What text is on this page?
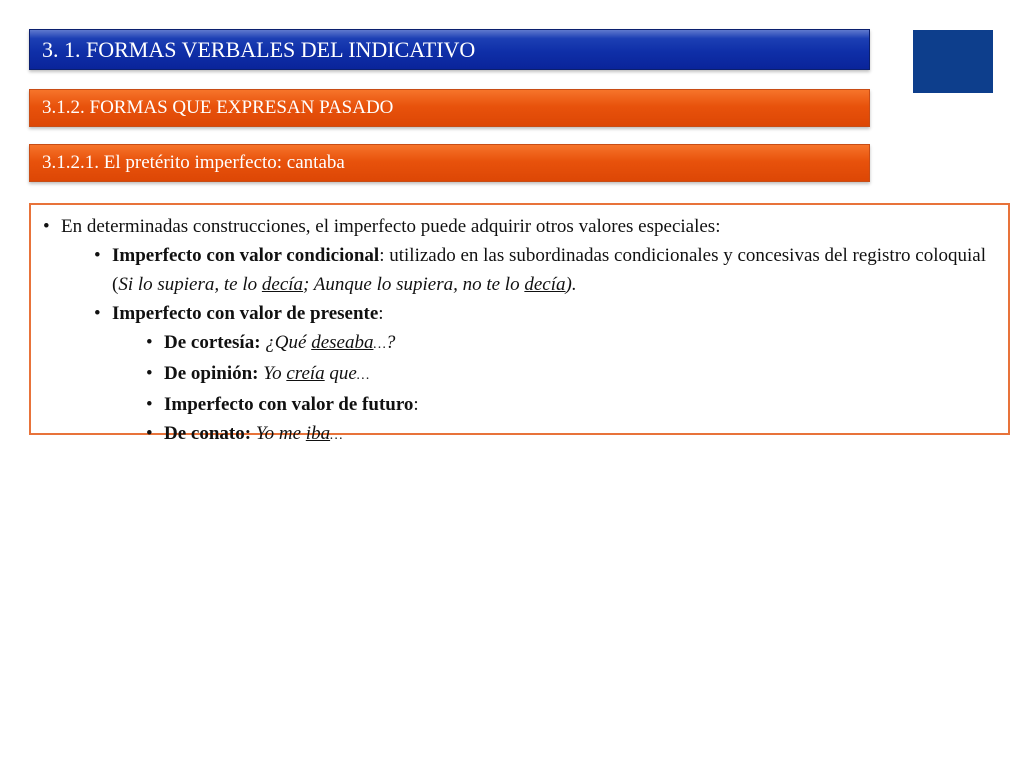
3. 1. FORMAS VERBALES DEL INDICATIVO
3.1.2. FORMAS QUE EXPRESAN PASADO
3.1.2.1. El pretérito imperfecto: cantaba
• En determinadas construcciones, el imperfecto puede adquirir otros valores especiales:
• Imperfecto con valor condicional: utilizado en las subordinadas condicionales y concesivas del registro coloquial (Si lo supiera, te lo decía; Aunque lo supiera, no te lo decía).
• Imperfecto con valor de presente:
• De cortesía: ¿Qué deseaba…?
• De opinión: Yo creía que…
• Imperfecto con valor de futuro:
• De conato: Yo me iba…
